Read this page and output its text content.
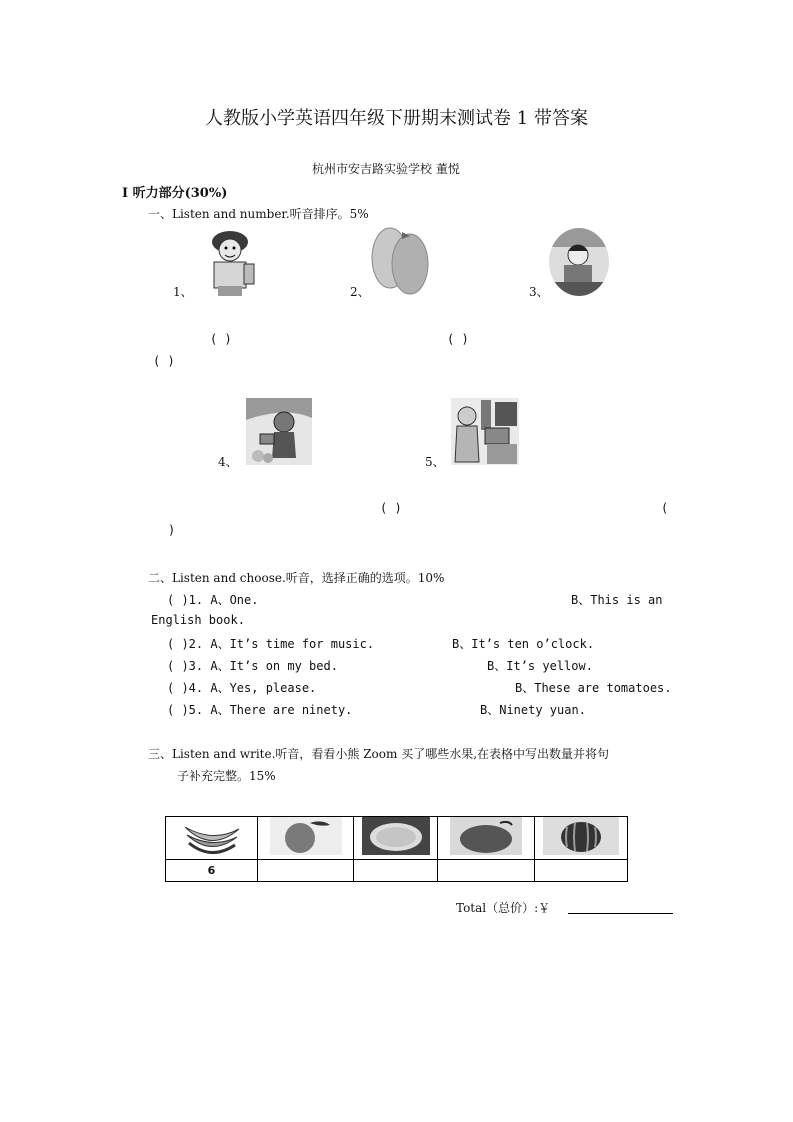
人教版小学英语四年级下册期末测试卷 1 带答案
杭州市安吉路实验学校 董悦
Ⅰ 听力部分(30%)
一、Listen and number.听音排序。5%
1、	2、	3、
( )	( )
( )
4、	5、
( )	(
)
二、Listen and choose.听音，选择正确的选项。10%
( )1. A、One.	B、This is an
English book.
( )2. A、It’s time for music.	B、It’s ten o’clock.
( )3. A、It’s on my bed.	B、It’s yellow.
( )4. A、Yes, please.	B、These are tomatoes.
( )5. A、There are ninety.	B、Ninety yuan.
三、Listen and write.听音，看看小熊 Zoom 买了哪些水果,在表格中写出数量并将句
子补充完整。15%

6				
Total（总价）:￥
